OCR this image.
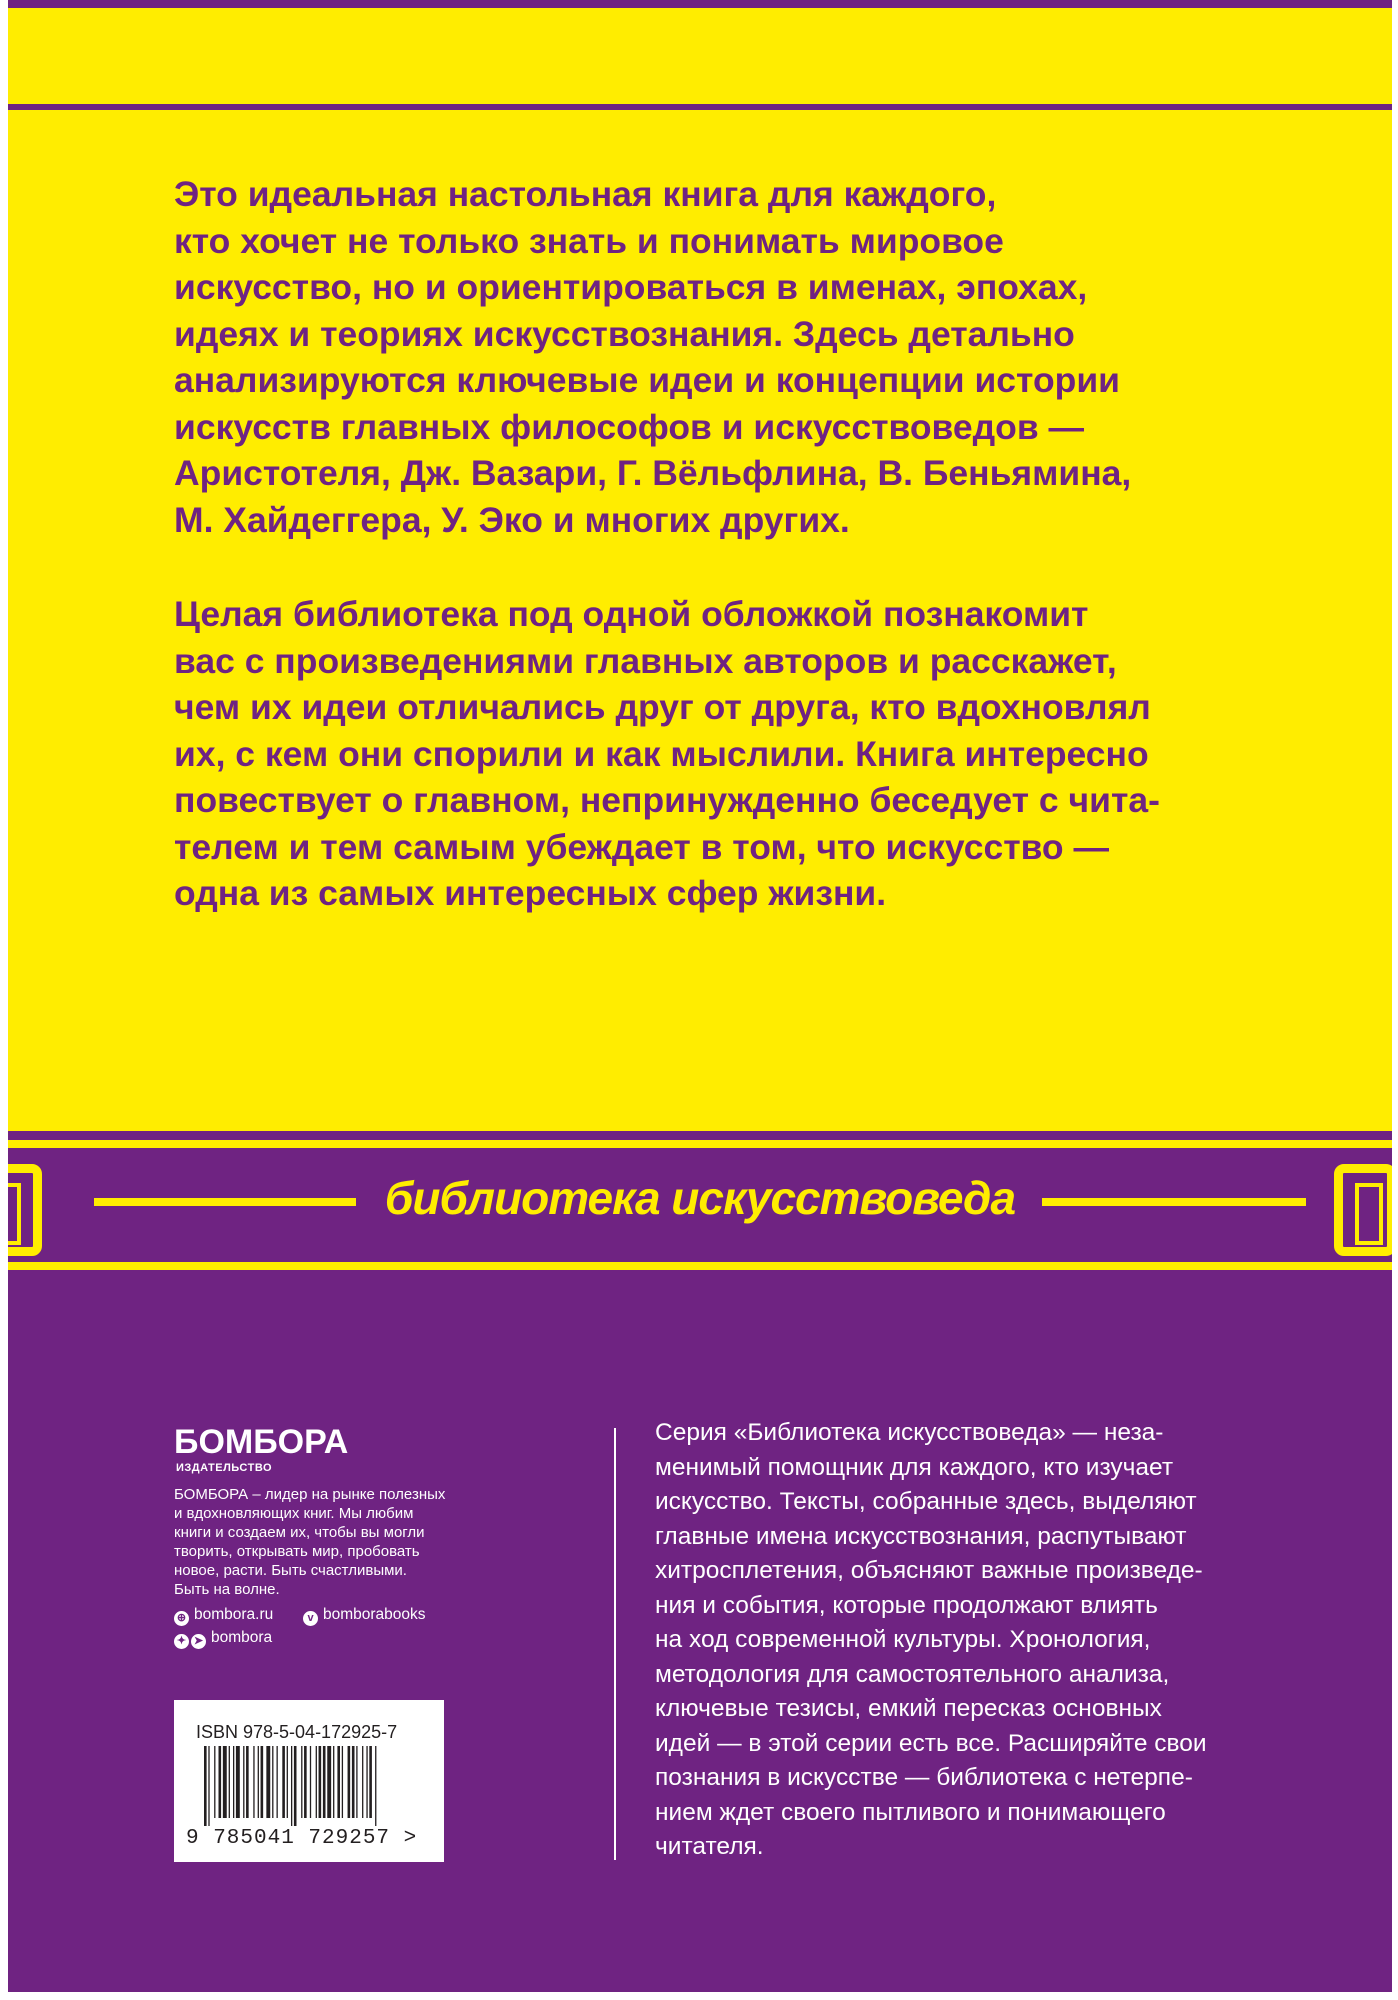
Это идеальная настольная книга для каждого,
кто хочет не только знать и понимать мировое
искусство, но и ориентироваться в именах, эпохах,
идеях и теориях искусствознания. Здесь детально
анализируются ключевые идеи и концепции истории
искусств главных философов и искусствоведов —
Аристотеля, Дж. Вазари, Г. Вёльфлина, В. Беньямина,
М. Хайдеггера, У. Эко и многих других.

Целая библиотека под одной обложкой познакомит
вас с произведениями главных авторов и расскажет,
чем их идеи отличались друг от друга, кто вдохновлял
их, с кем они спорили и как мыслили. Книга интересно
повествует о главном, непринужденно беседует с чита-
телем и тем самым убеждает в том, что искусство —
одна из самых интересных сфер жизни.

библиотека искусствоведа
БОМБОРА
ИЗДАТЕЛЬСТВО

БОМБОРА – лидер на рынке полезных
и вдохновляющих книг. Мы любим
книги и создаем их, чтобы вы могли
творить, открывать мир, пробовать
новое, расти. Быть счастливыми.
Быть на волне.

⊕ bombora.ru	v bomborabooks
✦ ➤ bombora
ISBN 978-5-04-172925-7
9 785041 729257 >

Серия «Библиотека искусствоведа» — неза-
менимый помощник для каждого, кто изучает
искусство. Тексты, собранные здесь, выделяют
главные имена искусствознания, распутывают
хитросплетения, объясняют важные произведе-
ния и события, которые продолжают влиять
на ход современной культуры. Хронология,
методология для самостоятельного анализа,
ключевые тезисы, емкий пересказ основных
идей — в этой серии есть все. Расширяйте свои
познания в искусстве — библиотека с нетерпе-
нием ждет своего пытливого и понимающего
читателя.
